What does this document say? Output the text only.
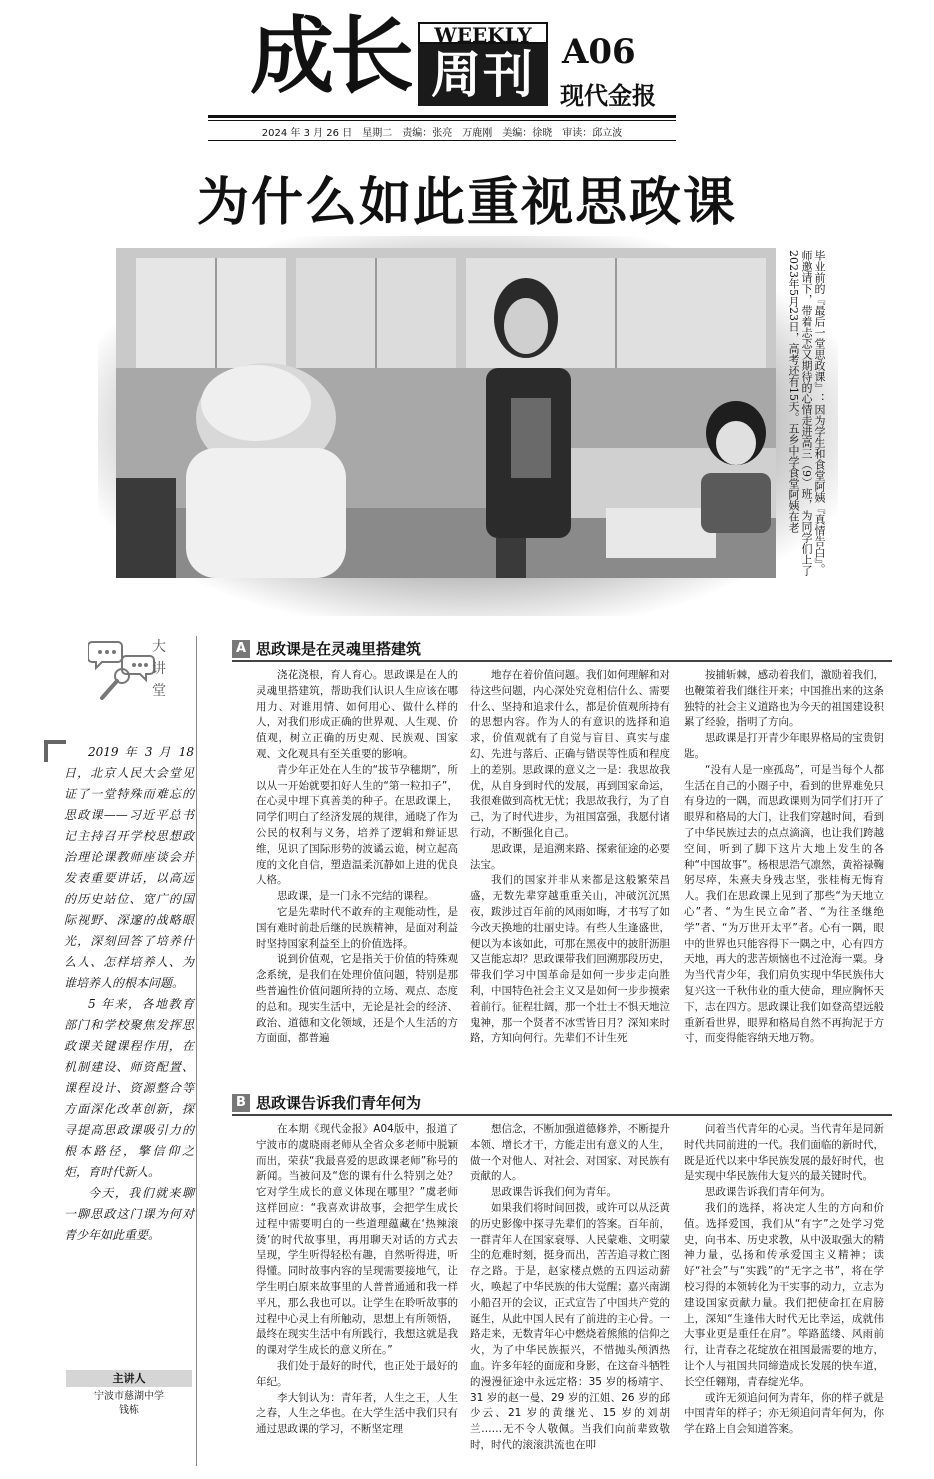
成长	WEEKLY
周刊 A06
现代金报
2024 年 3 月 26 日　星期二　责编：张亮　万鹿刚　美编：徐晓　审读：邱立波
为什么如此重视思政课
毕业前的『最后一堂思政课』：因为学生和食堂阿姨『真情告白』。师邀请下，带着忐忑又期待的心情走进高三（9）班，为同学们上了2023年5月23日，高考还有15天。五乡中学食堂阿姨在老
大
讲
堂

2019 年 3 月 18 日，北京人民大会堂见证了一堂特殊而难忘的思政课——习近平总书记主持召开学校思想政治理论课教师座谈会并发表重要讲话，以高远的历史站位、宽广的国际视野、深邃的战略眼光，深刻回答了培养什么人、怎样培养人、为谁培养人的根本问题。

5 年来，各地教育部门和学校聚焦发挥思政课关键课程作用，在机制建设、师资配置、课程设计、资源整合等方面深化改革创新，探寻提高思政课吸引力的根本路径，擎信仰之炬，育时代新人。

今天，我们就来聊一聊思政这门课为何对青少年如此重要。

主讲人
宁波市慈湖中学
钱栋
A 思政课是在灵魂里搭建筑

浇花浇根，育人育心。思政课是在人的灵魂里搭建筑，帮助我们认识人生应该在哪用力、对谁用情、如何用心、做什么样的人，对我们形成正确的世界观、人生观、价值观，树立正确的历史观、民族观、国家观、文化观具有至关重要的影响。

青少年正处在人生的“拔节孕穗期”，所以从一开始就要扣好人生的“第一粒扣子”，在心灵中埋下真善美的种子。在思政课上，同学们明白了经济发展的规律，通晓了作为公民的权利与义务，培养了逻辑和辩证思维，见识了国际形势的波谲云诡，树立起高度的文化自信，塑造温柔沉静如上进的优良人格。

思政课，是一门永不完结的课程。

它是先辈时代不敢弃的主观能动性，是国有难时前赴后继的民族精神，是面对利益时坚持国家利益至上的价值选择。

说到价值观，它是指关于价值的特殊观念系统，是我们在处理价值问题，特别是那些普遍性价值问题所持的立场、观点、态度的总和。现实生活中，无论是社会的经济、政治、道德和文化领域，还是个人生活的方方面面，都普遍

地存在着价值问题。我们如何理解和对待这些问题，内心深处究竟相信什么、需要什么、坚持和追求什么，都是价值观所持有的思想内容。作为人的有意识的选择和追求，价值观就有了自觉与盲目、真实与虚幻、先进与落后、正确与错误等性质和程度上的差别。思政课的意义之一是：我思故我优，从自身到时代的发展，再到国家命运，我很难做到高枕无忧；我思故我行，为了自己，为了时代进步，为祖国富强，我愿付诸行动，不断强化自己。

思政课，是追溯来路、探索征途的必要法宝。

我们的国家并非从来都是这般繁荣昌盛，无数先辈穿越重重关山，冲破沉沉黑夜，跋涉过百年前的风雨如晦，才书写了如今改天换地的壮丽史诗。有些人生逢盛世，便以为本该如此，可那在黑夜中的披肝沥胆又岂能忘却？思政课带我们回溯那段历史，带我们学习中国革命是如何一步步走向胜利，中国特色社会主义又是如何一步步摸索着前行。征程壮阔，那一个壮士不惧天地泣鬼神，那一个贤者不冰雪皆日月？深知来时路，方知向何行。先辈们不计生死

按捕斩棘，感动着我们，激励着我们，也鞭策着我们继往开来；中国推出来的这条独特的社会主义道路也为今天的祖国建设积累了经验，指明了方向。

思政课是打开青少年眼界格局的宝贵钥匙。

“没有人是一座孤岛”，可是当每个人都生活在自己的小圈子中，看到的世界难免只有身边的一隅，而思政课则为同学们打开了眼界和格局的大门，让我们穿越时间，看到了中华民族过去的点点滴滴，也让我们跨越空间，听到了脚下这片大地上发生的各种“中国故事”。杨根思浩气凛然，黄裕禄鞠躬尽瘁，朱熹夫身残志坚，张桂梅无悔育人。我们在思政课上见到了那些“为天地立心”者、“为生民立命”者、“为往圣继绝学”者、“为万世开太平”者。心有一隅，眼中的世界也只能容得下一隅之中，心有四方天地，再大的悲苦烦恼也不过沧海一粟。身为当代青少年，我们肩负实现中华民族伟大复兴这一千秋伟业的重大使命，理应胸怀天下，志在四方。思政课让我们如登高望远般重新看世界，眼界和格局自然不再拘泥于方寸，而变得能容纳天地万物。

B 思政课告诉我们青年何为

在本期《现代金报》A04版中，报道了宁波市的虞晓雨老师从全省众多老师中脱颖而出，荣获“我最喜爱的思政课老师”称号的新闻。当被问及“您的课有什么特别之处？它对学生成长的意义体现在哪里？”虞老师这样回应：“我喜欢讲故事，会把学生成长过程中需要明白的一些道理蕴藏在‘热辣滚烫’的时代故事里，再用聊天对话的方式去呈现，学生听得轻松有趣，自然听得进，听得懂。同时故事内容的呈现需要接地气，让学生明白原来故事里的人普普通通和我一样平凡，那么我也可以。让学生在聆听故事的过程中心灵上有所触动，思想上有所领悟，最终在现实生活中有所践行，我想这就是我的课对学生成长的意义所在。”

我们处于最好的时代，也正处于最好的年纪。

李大钊认为：青年者，人生之王，人生之春，人生之华也。在大学生活中我们只有通过思政课的学习，不断坚定理

想信念，不断加强道德修养，不断提升本领、增长才干，方能走出有意义的人生，做一个对他人、对社会、对国家、对民族有贡献的人。

思政课告诉我们何为青年。

如果我们将时间回拨，或许可以从泛黄的历史影像中探寻先辈们的答案。百年前，一群青年人在国家衰辱、人民蒙难、文明蒙尘的危难时刻，挺身而出，苦苦追寻救亡图存之路。于是，赵家楼点燃的五四运动薪火，唤起了中华民族的伟大觉醒；嘉兴南湖小船召开的会议，正式宣告了中国共产党的诞生，从此中国人民有了前进的主心骨。一路走来，无数青年心中燃烧着熊熊的信仰之火，为了中华民族振兴，不惜抛头颅洒热血。许多年轻的面庞和身影，在这奋斗牺牲的漫漫征途中永远定格：35 岁的杨靖宇、31 岁的赵一曼、29 岁的江姐、26 岁的邱少云、21 岁的黄继光、15 岁的刘胡兰……无不令人敬佩。当我们向前辈致敬时，时代的滚滚洪流也在叩

问着当代青年的心灵。当代青年是同新时代共同前进的一代。我们面临的新时代，既是近代以来中华民族发展的最好时代，也是实现中华民族伟大复兴的最关键时代。

思政课告诉我们青年何为。

我们的选择，将决定人生的方向和价值。选择爱国，我们从“有字”之处学习党史，向书本、历史求教，从中汲取强大的精神力量，弘扬和传承爱国主义精神；读好“社会”与“实践”的“无字之书”，将在学校习得的本领转化为干实事的动力，立志为建设国家贡献力量。我们把使命扛在肩膀上，深知“生逢伟大时代无比幸运，成就伟大事业更是重任在肩”。筚路蓝缕、风雨前行，让青春之花绽放在祖国最需要的地方，让个人与祖国共同缔造成长发展的快车道，长空任翱翔，青春绽光华。

或许无须追问何为青年，你的样子就是中国青年的样子；亦无须追问青年何为，你学在路上自会知道答案。
